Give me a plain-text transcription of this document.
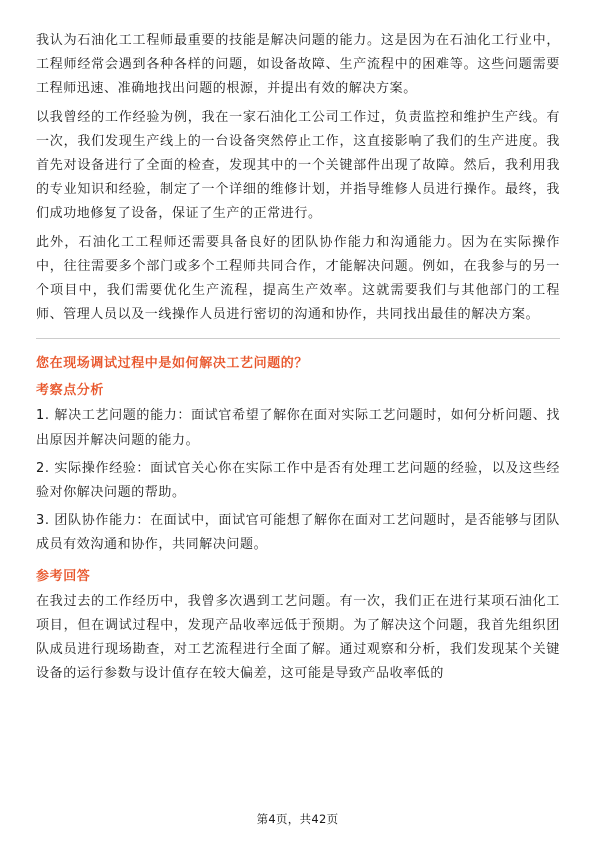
我认为石油化工工程师最重要的技能是解决问题的能力。这是因为在石油化工行业中，工程师经常会遇到各种各样的问题，如设备故障、生产流程中的困难等。这些问题需要工程师迅速、准确地找出问题的根源，并提出有效的解决方案。

以我曾经的工作经验为例，我在一家石油化工公司工作过，负责监控和维护生产线。有一次，我们发现生产线上的一台设备突然停止工作，这直接影响了我们的生产进度。我首先对设备进行了全面的检查，发现其中的一个关键部件出现了故障。然后，我利用我的专业知识和经验，制定了一个详细的维修计划，并指导维修人员进行操作。最终，我们成功地修复了设备，保证了生产的正常进行。

此外，石油化工工程师还需要具备良好的团队协作能力和沟通能力。因为在实际操作中，往往需要多个部门或多个工程师共同合作，才能解决问题。例如，在我参与的另一个项目中，我们需要优化生产流程，提高生产效率。这就需要我们与其他部门的工程师、管理人员以及一线操作人员进行密切的沟通和协作，共同找出最佳的解决方案。

您在现场调试过程中是如何解决工艺问题的？

考察点分析

1. 解决工艺问题的能力：面试官希望了解你在面对实际工艺问题时，如何分析问题、找出原因并解决问题的能力。

2. 实际操作经验：面试官关心你在实际工作中是否有处理工艺问题的经验，以及这些经验对你解决问题的帮助。

3. 团队协作能力：在面试中，面试官可能想了解你在面对工艺问题时，是否能够与团队成员有效沟通和协作，共同解决问题。

参考回答

在我过去的工作经历中，我曾多次遇到工艺问题。有一次，我们正在进行某项石油化工项目，但在调试过程中，发现产品收率远低于预期。为了解决这个问题，我首先组织团队成员进行现场勘查，对工艺流程进行全面了解。通过观察和分析，我们发现某个关键设备的运行参数与设计值存在较大偏差，这可能是导致产品收率低的

第4页，共42页
